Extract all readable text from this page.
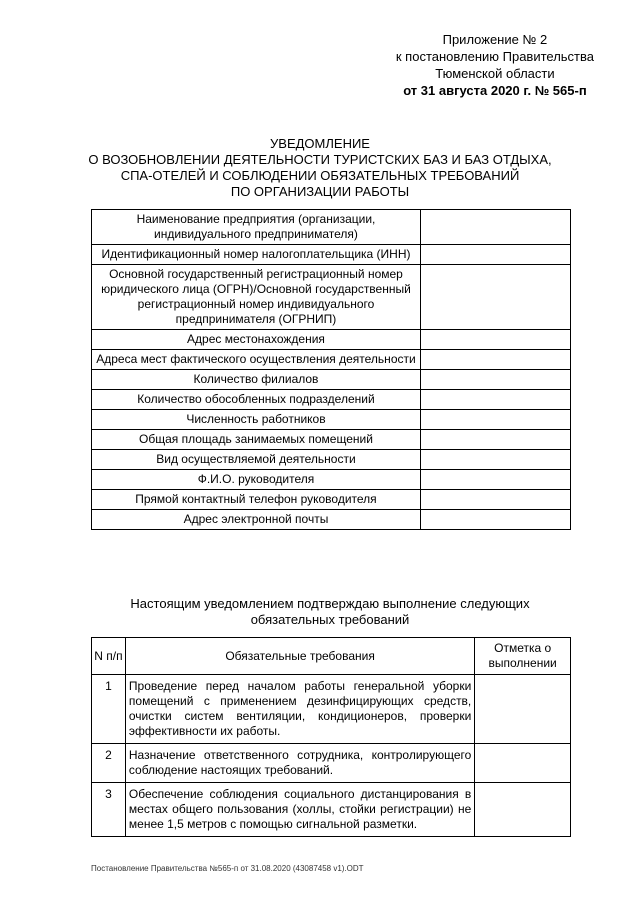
Приложение № 2
к постановлению Правительства
Тюменской области
от 31 августа 2020 г. № 565-п
УВЕДОМЛЕНИЕ
О ВОЗОБНОВЛЕНИИ ДЕЯТЕЛЬНОСТИ ТУРИСТСКИХ БАЗ И БАЗ ОТДЫХА,
СПА-ОТЕЛЕЙ И СОБЛЮДЕНИИ ОБЯЗАТЕЛЬНЫХ ТРЕБОВАНИЙ
ПО ОРГАНИЗАЦИИ РАБОТЫ
Наименование предприятия (организации, индивидуального предпринимателя)	
Идентификационный номер налогоплательщика (ИНН)	
Основной государственный регистрационный номер юридического лица (ОГРН)/Основной государственный регистрационный номер индивидуального предпринимателя (ОГРНИП)	
Адрес местонахождения	
Адреса мест фактического осуществления деятельности	
Количество филиалов	
Количество обособленных подразделений	
Численность работников	
Общая площадь занимаемых помещений	
Вид осуществляемой деятельности	
Ф.И.О. руководителя	
Прямой контактный телефон руководителя	
Адрес электронной почты	
Настоящим уведомлением подтверждаю выполнение следующих
обязательных требований
N п/п	Обязательные требования	Отметка о выполнении
1	Проведение перед началом работы генеральной уборки помещений с применением дезинфицирующих средств, очистки систем вентиляции, кондиционеров, проверки эффективности их работы.	
2	Назначение ответственного сотрудника, контролирующего соблюдение настоящих требований.	
3	Обеспечение соблюдения социального дистанцирования в местах общего пользования (холлы, стойки регистрации) не менее 1,5 метров с помощью сигнальной разметки.	
Постановление Правительства №565-п от 31.08.2020 (43087458 v1).ODT
